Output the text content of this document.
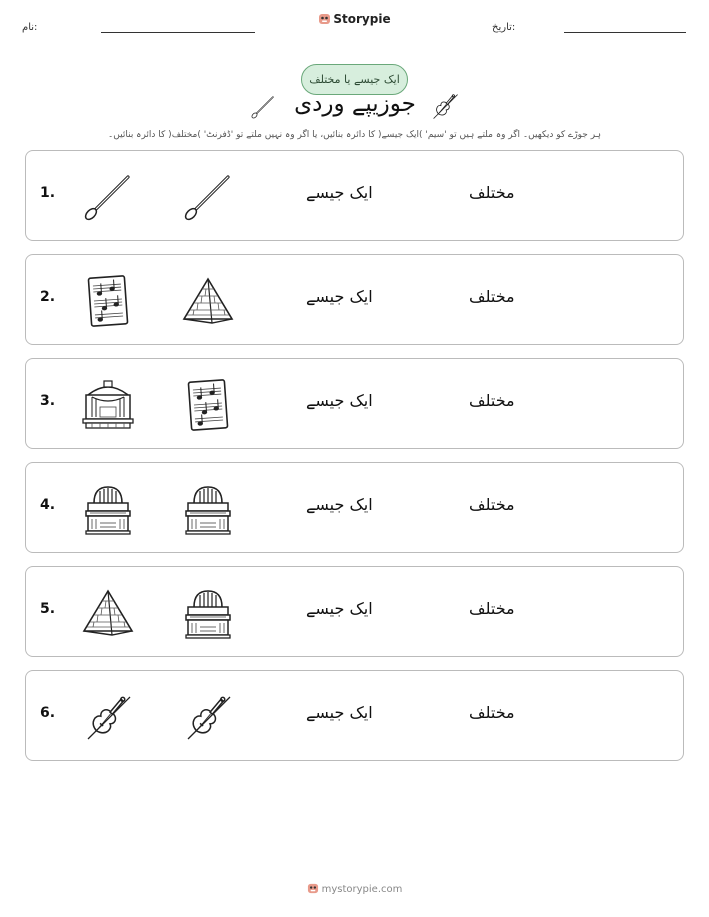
نام:
Storypie
تاریخ:
ایک جیسے یا مختلف
جوزیپے وردی
ہر جوڑے کو دیکھیں۔ اگر وہ ملتے ہیں تو 'سیم' )ایک جیسے( کا دائرہ بنائیں، یا اگر وہ نہیں ملتے تو 'ڈفرنٹ' )مختلف( کا دائرہ بنائیں۔
1.	ایک جیسے	مختلف
2.	ایک جیسے	مختلف
3.	ایک جیسے	مختلف
4.	ایک جیسے	مختلف
5.	ایک جیسے	مختلف
6.	ایک جیسے	مختلف
mystorypie.com
